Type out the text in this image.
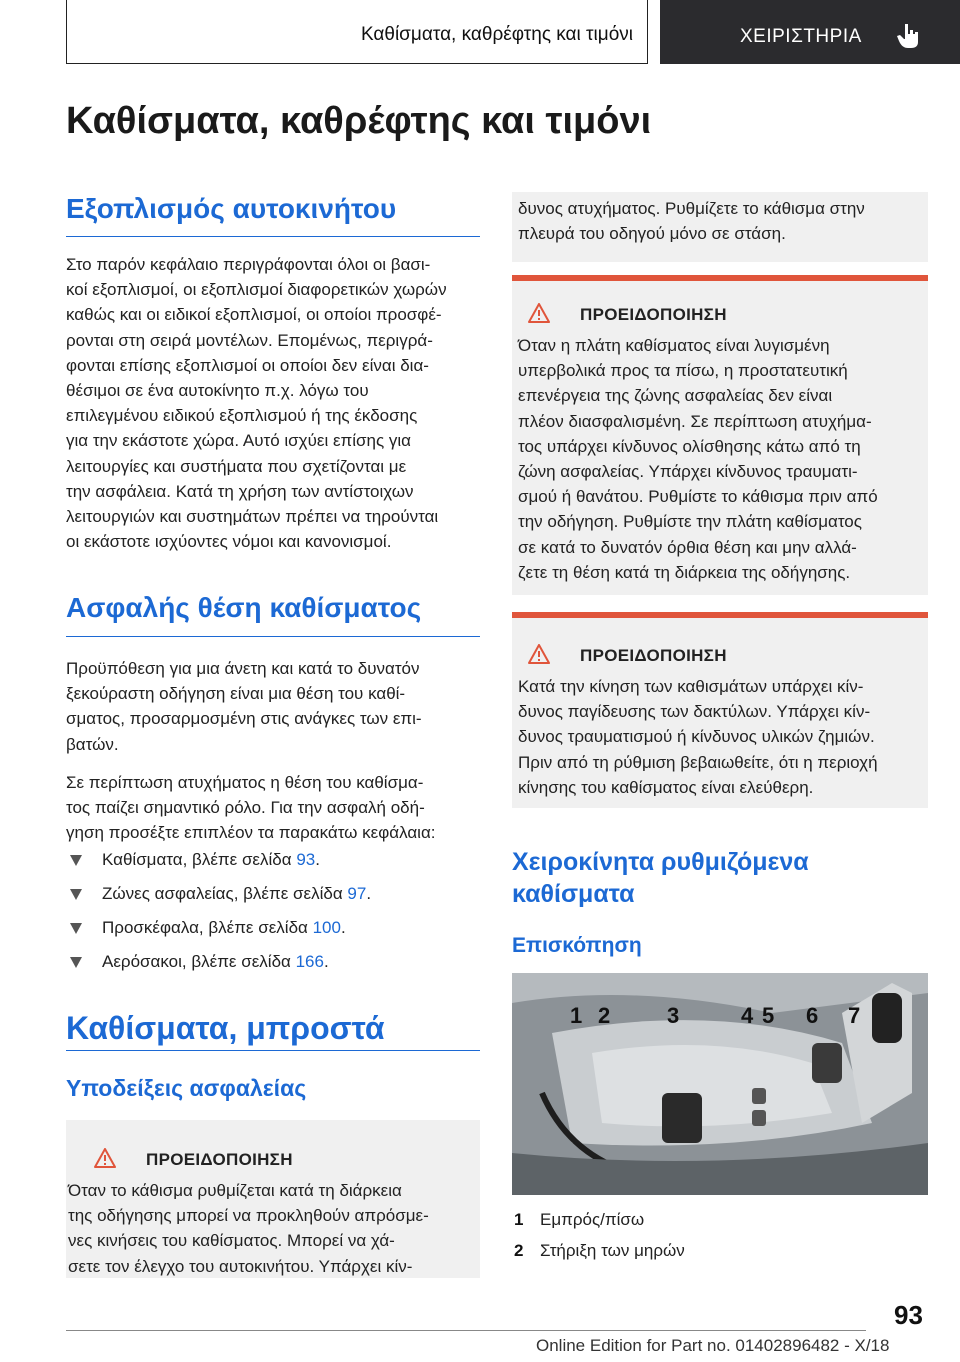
Καθίσματα, καθρέφτης και τιμόνι	ΧΕΙΡΙΣΤΗΡΙΑ
Καθίσματα, καθρέφτης και τιμόνι
Εξοπλισμός αυτοκινήτου
Στο παρόν κεφάλαιο περιγράφονται όλοι οι βασι-
κοί εξοπλισμοί, οι εξοπλισμοί διαφορετικών χωρών
καθώς και οι ειδικοί εξοπλισμοί, οι οποίοι προσφέ-
ρονται στη σειρά μοντέλων. Επομένως, περιγρά-
φονται επίσης εξοπλισμοί οι οποίοι δεν είναι δια-
θέσιμοι σε ένα αυτοκίνητο π.χ. λόγω του
επιλεγμένου ειδικού εξοπλισμού ή της έκδοσης
για την εκάστοτε χώρα. Αυτό ισχύει επίσης για
λειτουργίες και συστήματα που σχετίζονται με
την ασφάλεια. Κατά τη χρήση των αντίστοιχων
λειτουργιών και συστημάτων πρέπει να τηρούνται
οι εκάστοτε ισχύοντες νόμοι και κανονισμοί.
Ασφαλής θέση καθίσματος
Προϋπόθεση για μια άνετη και κατά το δυνατόν
ξεκούραστη οδήγηση είναι μια θέση του καθί-
σματος, προσαρμοσμένη στις ανάγκες των επι-
βατών.
Σε περίπτωση ατυχήματος η θέση του καθίσμα-
τος παίζει σημαντικό ρόλο. Για την ασφαλή οδή-
γηση προσέξτε επιπλέον τα παρακάτω κεφάλαια:
Καθίσματα, βλέπε σελίδα 93.
Ζώνες ασφαλείας, βλέπε σελίδα 97.
Προσκέφαλα, βλέπε σελίδα 100.
Αερόσακοι, βλέπε σελίδα 166.
Καθίσματα, μπροστά
Υποδείξεις ασφαλείας
ΠΡΟΕΙΔΟΠΟΙΗΣΗ
Όταν το κάθισμα ρυθμίζεται κατά τη διάρκεια
της οδήγησης μπορεί να προκληθούν απρόσμε-
νες κινήσεις του καθίσματος. Μπορεί να χά-
σετε τον έλεγχο του αυτοκινήτου. Υπάρχει κίν-
δυνος ατυχήματος. Ρυθμίζετε το κάθισμα στην
πλευρά του οδηγού μόνο σε στάση.
ΠΡΟΕΙΔΟΠΟΙΗΣΗ
Όταν η πλάτη καθίσματος είναι λυγισμένη
υπερβολικά προς τα πίσω, η προστατευτική
επενέργεια της ζώνης ασφαλείας δεν είναι
πλέον διασφαλισμένη. Σε περίπτωση ατυχήμα-
τος υπάρχει κίνδυνος ολίσθησης κάτω από τη
ζώνη ασφαλείας. Υπάρχει κίνδυνος τραυματι-
σμού ή θανάτου. Ρυθμίστε το κάθισμα πριν από
την οδήγηση. Ρυθμίστε την πλάτη καθίσματος
σε κατά το δυνατόν όρθια θέση και μην αλλά-
ζετε τη θέση κατά τη διάρκεια της οδήγησης.
ΠΡΟΕΙΔΟΠΟΙΗΣΗ
Κατά την κίνηση των καθισμάτων υπάρχει κίν-
δυνος παγίδευσης των δακτύλων. Υπάρχει κίν-
δυνος τραυματισμού ή κίνδυνος υλικών ζημιών.
Πριν από τη ρύθμιση βεβαιωθείτε, ότι η περιοχή
κίνησης του καθίσματος είναι ελεύθερη.
Χειροκίνητα ρυθμιζόμενα
καθίσματα
Επισκόπηση
1 2	3	4 5 6 7
1 Εμπρός/πίσω
2 Στήριξη των μηρών
93
Online Edition for Part no. 01402896482 - X/18
